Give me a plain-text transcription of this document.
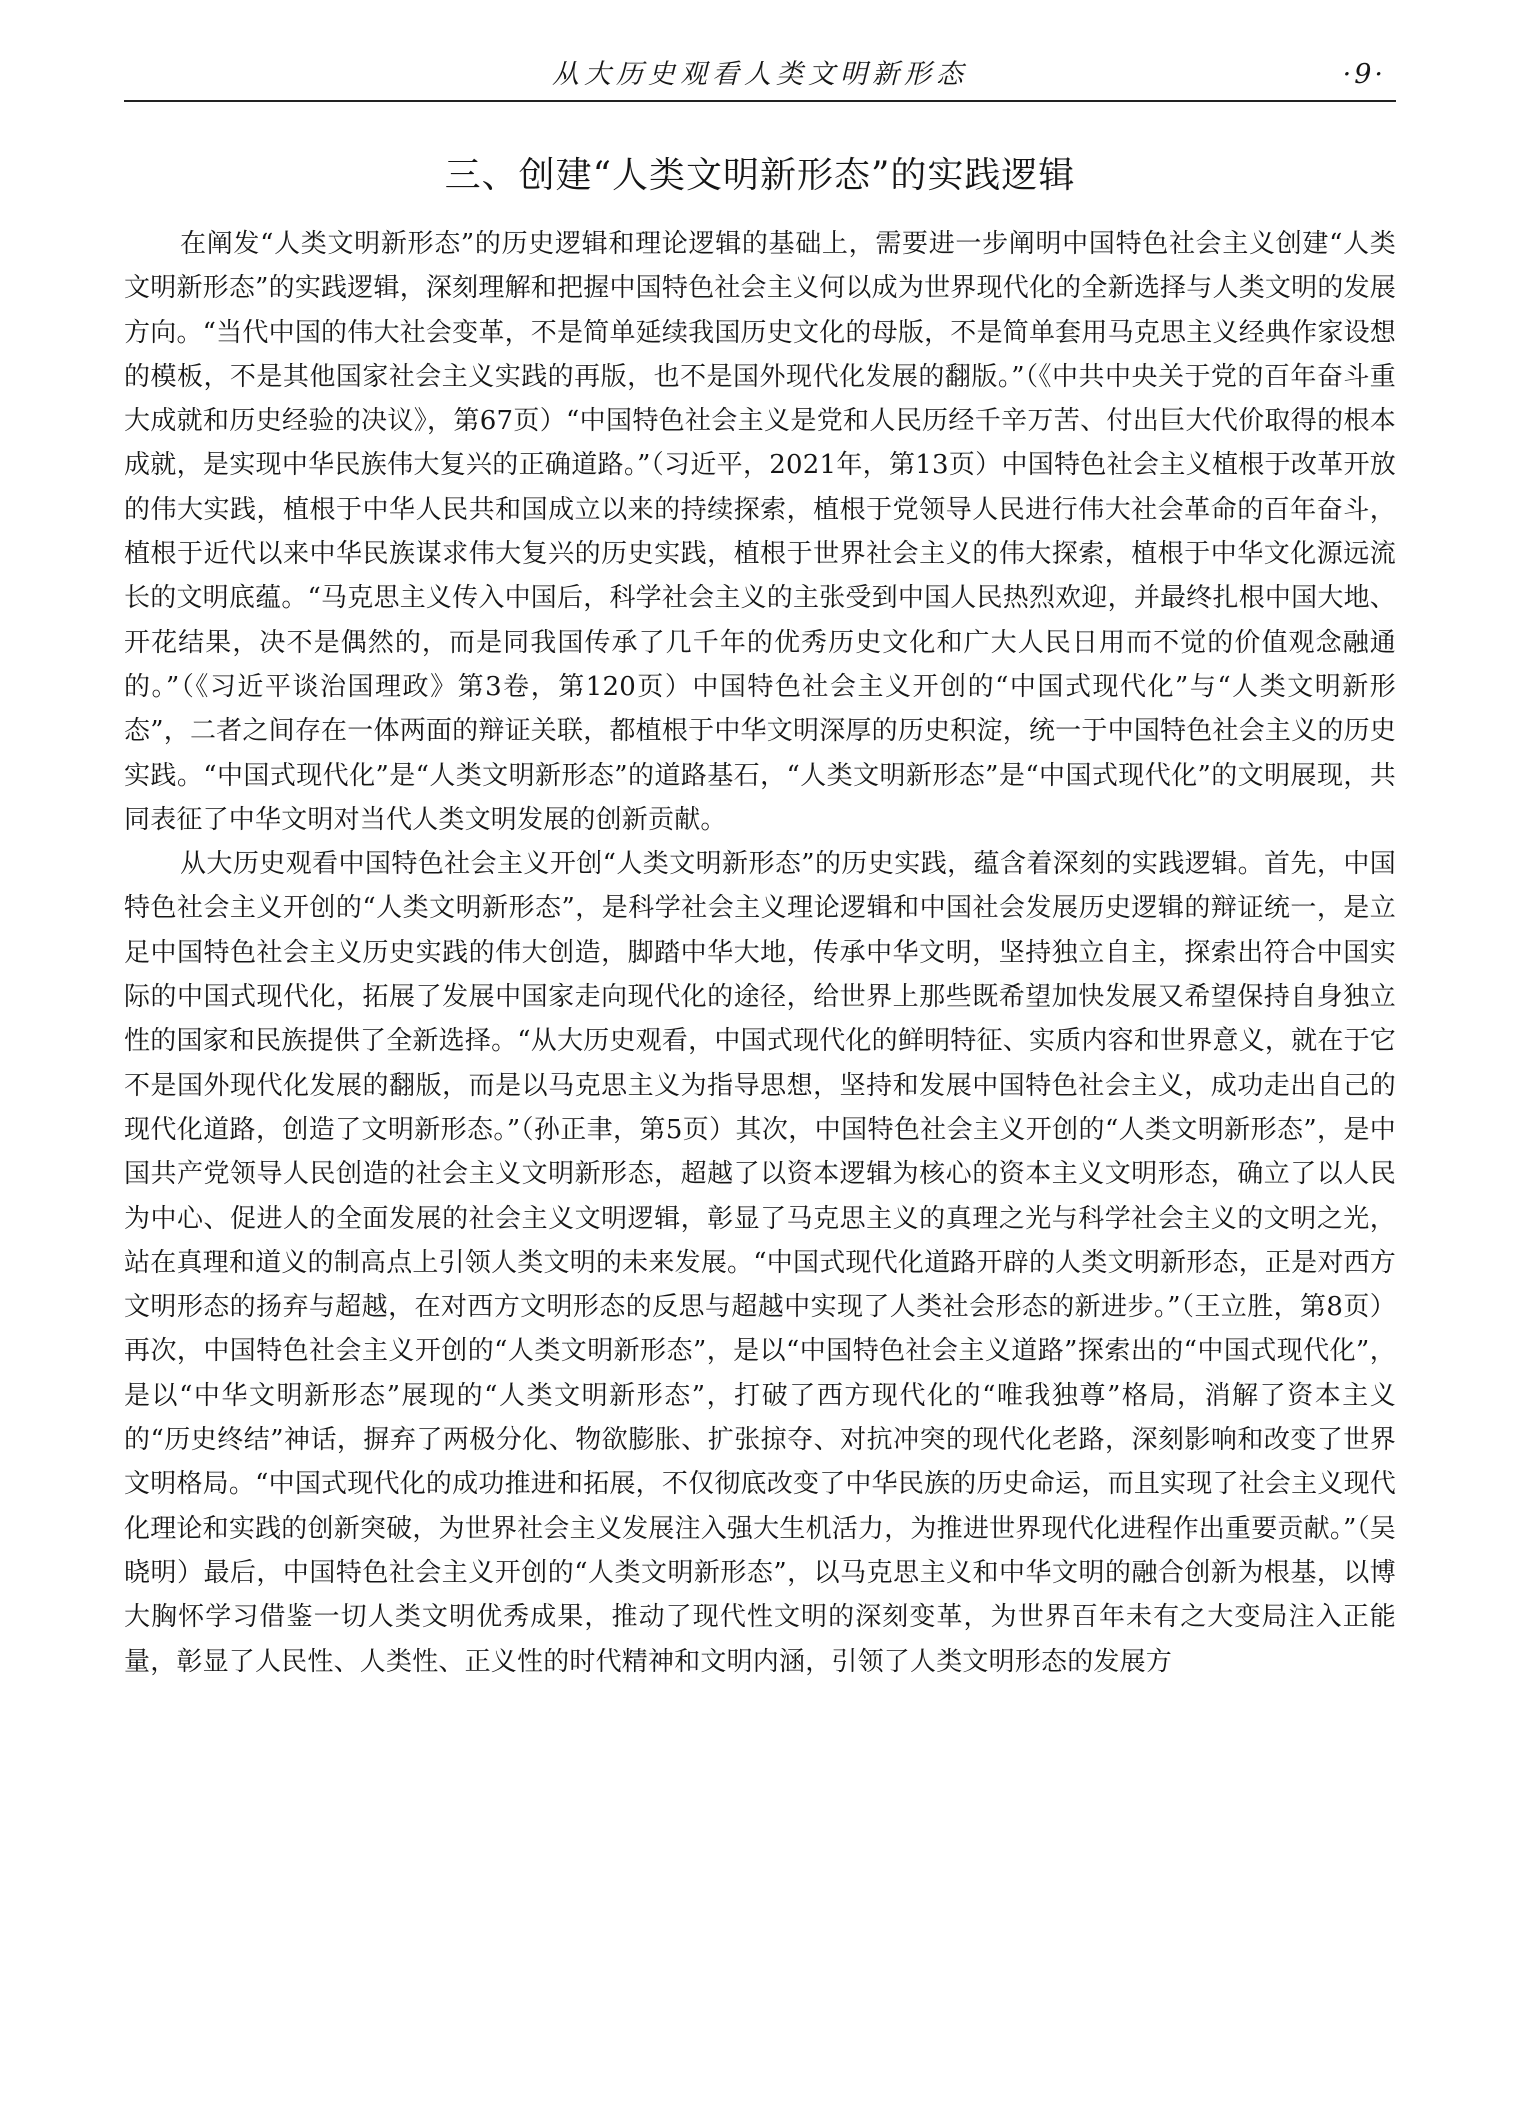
从大历史观看人类文明新形态	·9·
三、创建“人类文明新形态”的实践逻辑

在阐发“人类文明新形态”的历史逻辑和理论逻辑的基础上，需要进一步阐明中国特色社会主义创建“人类文明新形态”的实践逻辑，深刻理解和把握中国特色社会主义何以成为世界现代化的全新选择与人类文明的发展方向。“当代中国的伟大社会变革，不是简单延续我国历史文化的母版，不是简单套用马克思主义经典作家设想的模板，不是其他国家社会主义实践的再版，也不是国外现代化发展的翻版。”（《中共中央关于党的百年奋斗重大成就和历史经验的决议》，第67页）“中国特色社会主义是党和人民历经千辛万苦、付出巨大代价取得的根本成就，是实现中华民族伟大复兴的正确道路。”（习近平，2021年，第13页）中国特色社会主义植根于改革开放的伟大实践，植根于中华人民共和国成立以来的持续探索，植根于党领导人民进行伟大社会革命的百年奋斗，植根于近代以来中华民族谋求伟大复兴的历史实践，植根于世界社会主义的伟大探索，植根于中华文化源远流长的文明底蕴。“马克思主义传入中国后，科学社会主义的主张受到中国人民热烈欢迎，并最终扎根中国大地、开花结果，决不是偶然的，而是同我国传承了几千年的优秀历史文化和广大人民日用而不觉的价值观念融通的。”（《习近平谈治国理政》第3卷，第120页）中国特色社会主义开创的“中国式现代化”与“人类文明新形态”，二者之间存在一体两面的辩证关联，都植根于中华文明深厚的历史积淀，统一于中国特色社会主义的历史实践。“中国式现代化”是“人类文明新形态”的道路基石，“人类文明新形态”是“中国式现代化”的文明展现，共同表征了中华文明对当代人类文明发展的创新贡献。

从大历史观看中国特色社会主义开创“人类文明新形态”的历史实践，蕴含着深刻的实践逻辑。首先，中国特色社会主义开创的“人类文明新形态”，是科学社会主义理论逻辑和中国社会发展历史逻辑的辩证统一，是立足中国特色社会主义历史实践的伟大创造，脚踏中华大地，传承中华文明，坚持独立自主，探索出符合中国实际的中国式现代化，拓展了发展中国家走向现代化的途径，给世界上那些既希望加快发展又希望保持自身独立性的国家和民族提供了全新选择。“从大历史观看，中国式现代化的鲜明特征、实质内容和世界意义，就在于它不是国外现代化发展的翻版，而是以马克思主义为指导思想，坚持和发展中国特色社会主义，成功走出自己的现代化道路，创造了文明新形态。”（孙正聿，第5页）其次，中国特色社会主义开创的“人类文明新形态”，是中国共产党领导人民创造的社会主义文明新形态，超越了以资本逻辑为核心的资本主义文明形态，确立了以人民为中心、促进人的全面发展的社会主义文明逻辑，彰显了马克思主义的真理之光与科学社会主义的文明之光，站在真理和道义的制高点上引领人类文明的未来发展。“中国式现代化道路开辟的人类文明新形态，正是对西方文明形态的扬弃与超越，在对西方文明形态的反思与超越中实现了人类社会形态的新进步。”（王立胜，第8页）再次，中国特色社会主义开创的“人类文明新形态”，是以“中国特色社会主义道路”探索出的“中国式现代化”，是以“中华文明新形态”展现的“人类文明新形态”，打破了西方现代化的“唯我独尊”格局，消解了资本主义的“历史终结”神话，摒弃了两极分化、物欲膨胀、扩张掠夺、对抗冲突的现代化老路，深刻影响和改变了世界文明格局。“中国式现代化的成功推进和拓展，不仅彻底改变了中华民族的历史命运，而且实现了社会主义现代化理论和实践的创新突破，为世界社会主义发展注入强大生机活力，为推进世界现代化进程作出重要贡献。”（吴晓明）最后，中国特色社会主义开创的“人类文明新形态”，以马克思主义和中华文明的融合创新为根基，以博大胸怀学习借鉴一切人类文明优秀成果，推动了现代性文明的深刻变革，为世界百年未有之大变局注入正能量，彰显了人民性、人类性、正义性的时代精神和文明内涵，引领了人类文明形态的发展方
